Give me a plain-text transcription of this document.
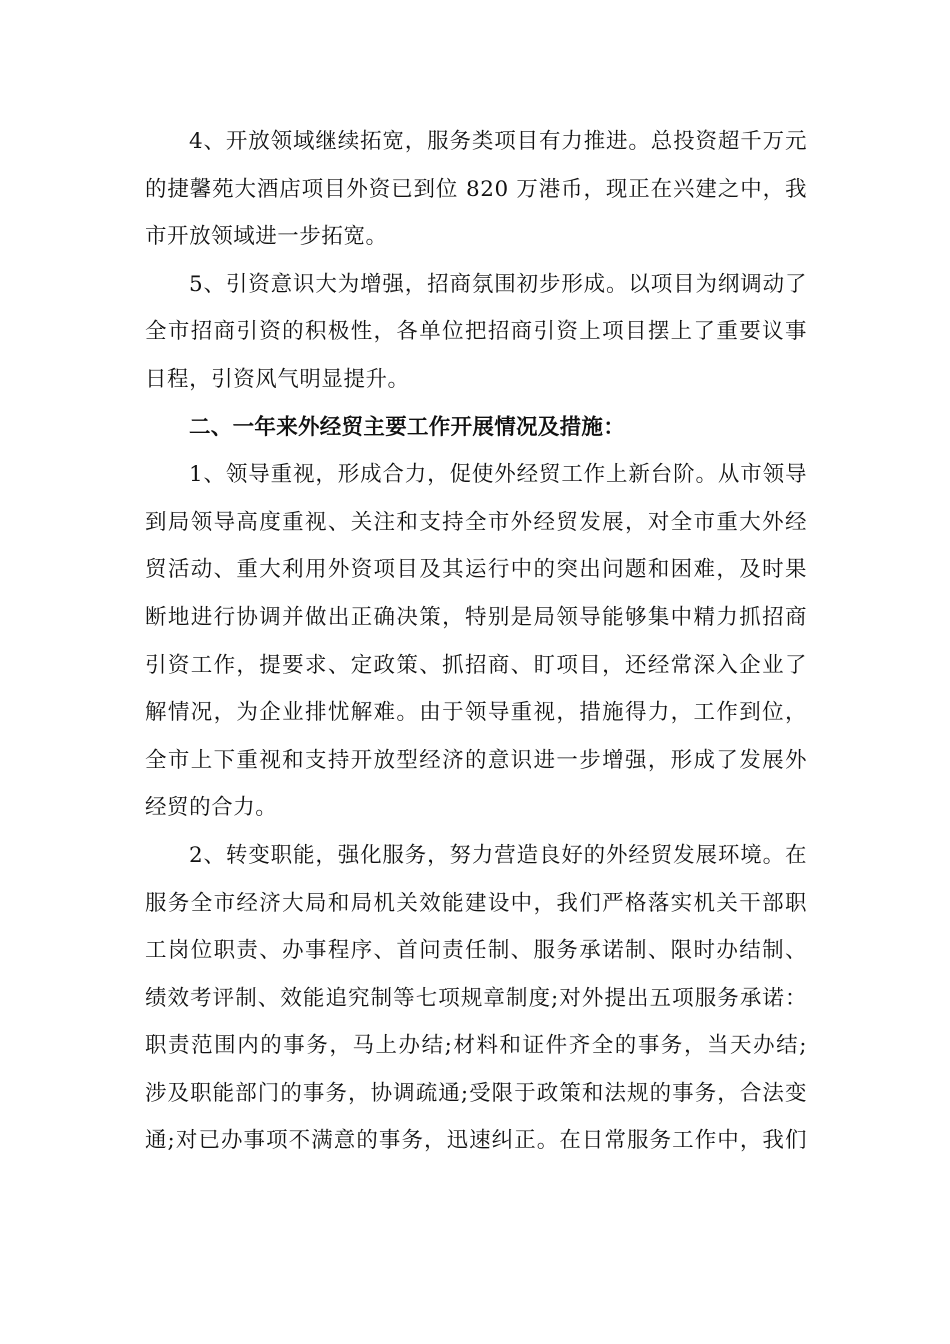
4、开放领域继续拓宽，服务类项目有力推进。总投资超千万元
的捷馨苑大酒店项目外资已到位 820 万港币，现正在兴建之中，我
市开放领域进一步拓宽。
5、引资意识大为增强，招商氛围初步形成。以项目为纲调动了
全市招商引资的积极性，各单位把招商引资上项目摆上了重要议事
日程，引资风气明显提升。
二、一年来外经贸主要工作开展情况及措施：
1、领导重视，形成合力，促使外经贸工作上新台阶。从市领导
到局领导高度重视、关注和支持全市外经贸发展，对全市重大外经
贸活动、重大利用外资项目及其运行中的突出问题和困难，及时果
断地进行协调并做出正确决策，特别是局领导能够集中精力抓招商
引资工作，提要求、定政策、抓招商、盯项目，还经常深入企业了
解情况，为企业排忧解难。由于领导重视，措施得力，工作到位，
全市上下重视和支持开放型经济的意识进一步增强，形成了发展外
经贸的合力。
2、转变职能，强化服务，努力营造良好的外经贸发展环境。在
服务全市经济大局和局机关效能建设中，我们严格落实机关干部职
工岗位职责、办事程序、首问责任制、服务承诺制、限时办结制、
绩效考评制、效能追究制等七项规章制度;对外提出五项服务承诺：
职责范围内的事务，马上办结;材料和证件齐全的事务，当天办结;
涉及职能部门的事务，协调疏通;受限于政策和法规的事务，合法变
通;对已办事项不满意的事务，迅速纠正。在日常服务工作中，我们
